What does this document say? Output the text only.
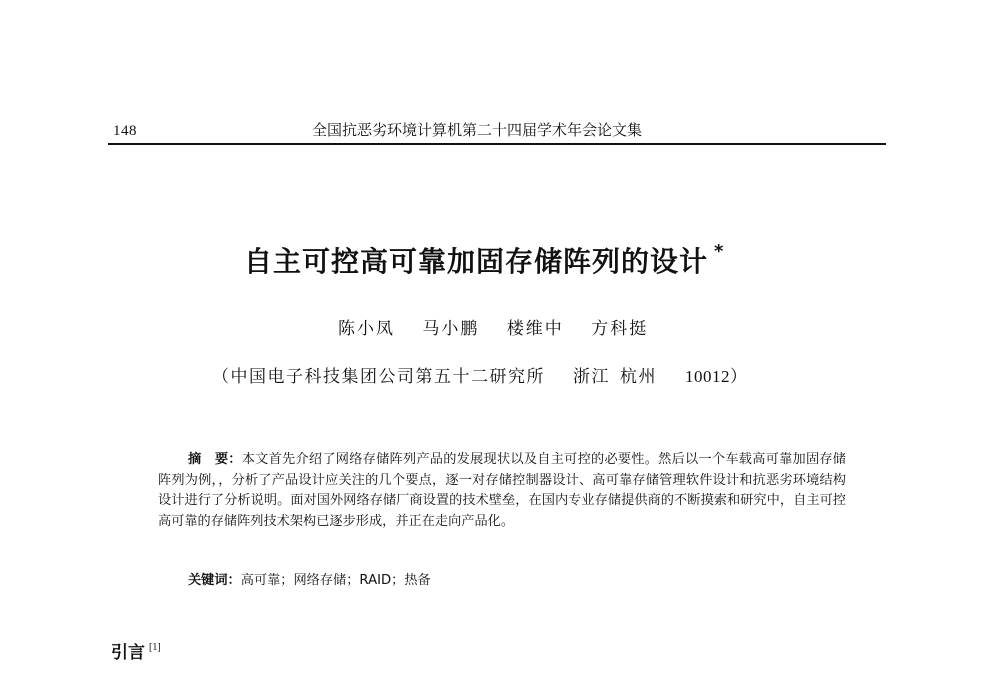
148	全国抗恶劣环境计算机第二十四届学术年会论文集
自主可控高可靠加固存储阵列的设计 *
陈小凤 马小鹏 楼维中 方科挺
（中国电子科技集团公司第五十二研究所 浙江 杭州 10012）
摘　要：本文首先介绍了网络存储阵列产品的发展现状以及自主可控的必要性。然后以一个车载高可靠加固存储阵列为例，，分析了产品设计应关注的几个要点，逐一对存储控制器设计、高可靠存储管理软件设计和抗恶劣环境结构设计进行了分析说明。面对国外网络存储厂商设置的技术壁垒，在国内专业存储提供商的不断摸索和研究中，自主可控高可靠的存储阵列技术架构已逐步形成，并正在走向产品化。
关键词：高可靠；网络存储；RAID；热备
引言 [1]
